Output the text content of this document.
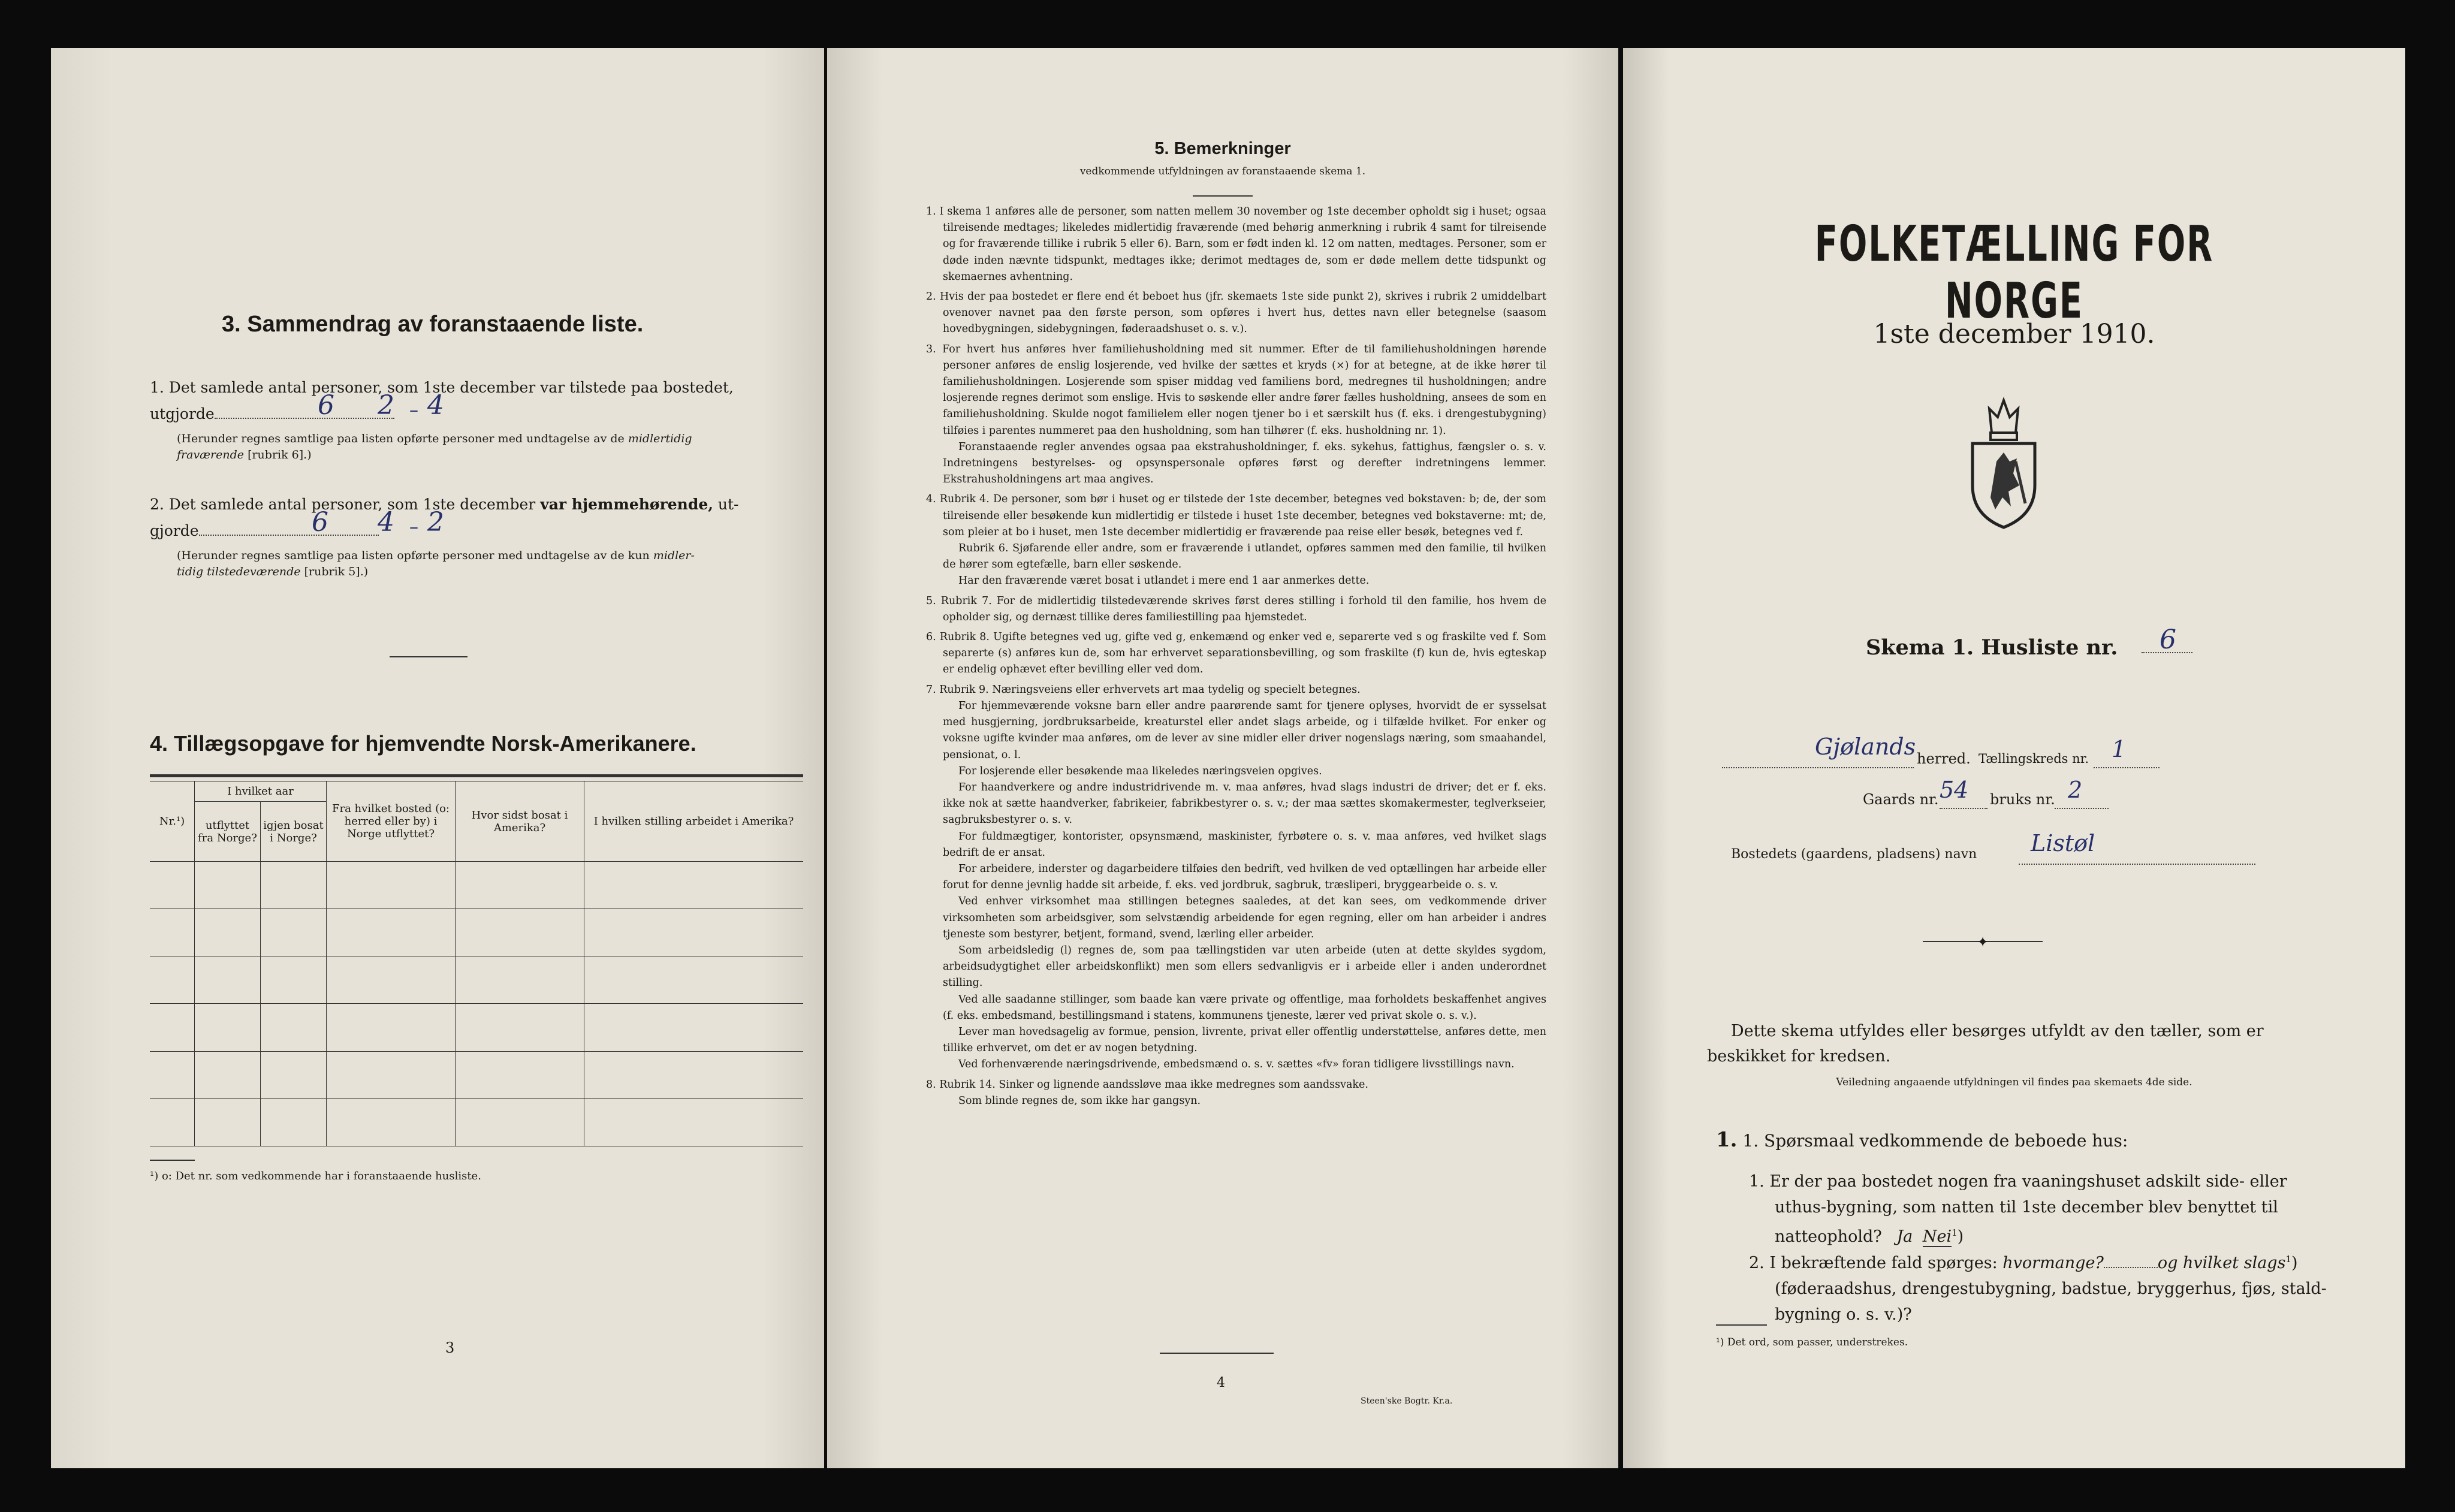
3. Sammendrag av foranstaaende liste.
1. Det samlede antal personer, som 1ste december var tilstede paa bostedet,
utgjorde	6 2 – 4
(Herunder regnes samtlige paa listen opførte personer med undtagelse av de midlertidig
fraværende [rubrik 6].)
2. Det samlede antal personer, som 1ste december var hjemmehørende, ut-
gjorde	6 4 – 2
(Herunder regnes samtlige paa listen opførte personer med undtagelse av de kun midler-
tidig tilstedeværende [rubrik 5].)
4. Tillægsopgave for hjemvendte Norsk-Amerikanere.
Nr.¹)	I hvilket aar		Fra hvilket bosted (o: herred eller by) i Norge utflyttet?	Hvor sidst bosat i Amerika?	I hvilken stilling arbeidet i Amerika?
	utflyttet fra Norge?	igjen bosat i Norge?			

¹) o: Det nr. som vedkommende har i foranstaaende husliste.
3
5. Bemerkninger
vedkommende utfyldningen av foranstaaende skema 1.

1. I skema 1 anføres alle de personer, som natten mellem 30 november og 1ste december opholdt sig i huset; ogsaa tilreisende medtages; likeledes midlertidig fraværende (med behørig anmerkning i rubrik 4 samt for tilreisende og for fraværende tillike i rubrik 5 eller 6). Barn, som er født inden kl. 12 om natten, medtages. Personer, som er døde inden nævnte tidspunkt, medtages ikke; derimot medtages de, som er døde mellem dette tidspunkt og skemaernes avhentning.

2. Hvis der paa bostedet er flere end ét beboet hus (jfr. skemaets 1ste side punkt 2), skrives i rubrik 2 umiddelbart ovenover navnet paa den første person, som opføres i hvert hus, dettes navn eller betegnelse (saasom hovedbygningen, sidebygningen, føderaadshuset o. s. v.).

3. For hvert hus anføres hver familiehusholdning med sit nummer. Efter de til familiehusholdningen hørende personer anføres de enslig losjerende, ved hvilke der sættes et kryds (×) for at betegne, at de ikke hører til familiehusholdningen. Losjerende som spiser middag ved familiens bord, medregnes til husholdningen; andre losjerende regnes derimot som enslige. Hvis to søskende eller andre fører fælles husholdning, ansees de som en familiehusholdning. Skulde nogot familielem eller nogen tjener bo i et særskilt hus (f. eks. i drengestubygning) tilføies i parentes nummeret paa den husholdning, som han tilhører (f. eks. husholdning nr. 1).

Foranstaaende regler anvendes ogsaa paa ekstrahusholdninger, f. eks. sykehus, fattighus, fængsler o. s. v. Indretningens bestyrelses- og opsynspersonale opføres først og derefter indretningens lemmer. Ekstrahusholdningens art maa angives.

4. Rubrik 4. De personer, som bør i huset og er tilstede der 1ste december, betegnes ved bokstaven: b; de, der som tilreisende eller besøkende kun midlertidig er tilstede i huset 1ste december, betegnes ved bokstaverne: mt; de, som pleier at bo i huset, men 1ste december midlertidig er fraværende paa reise eller besøk, betegnes ved f.

Rubrik 6. Sjøfarende eller andre, som er fraværende i utlandet, opføres sammen med den familie, til hvilken de hører som egtefælle, barn eller søskende.

Har den fraværende været bosat i utlandet i mere end 1 aar anmerkes dette.

5. Rubrik 7. For de midlertidig tilstedeværende skrives først deres stilling i forhold til den familie, hos hvem de opholder sig, og dernæst tillike deres familiestilling paa hjemstedet.

6. Rubrik 8. Ugifte betegnes ved ug, gifte ved g, enkemænd og enker ved e, separerte ved s og fraskilte ved f. Som separerte (s) anføres kun de, som har erhvervet separationsbevilling, og som fraskilte (f) kun de, hvis egteskap er endelig ophævet efter bevilling eller ved dom.

7. Rubrik 9. Næringsveiens eller erhvervets art maa tydelig og specielt betegnes.

For hjemmeværende voksne barn eller andre paarørende samt for tjenere oplyses, hvorvidt de er sysselsat med husgjerning, jordbruksarbeide, kreaturstel eller andet slags arbeide, og i tilfælde hvilket. For enker og voksne ugifte kvinder maa anføres, om de lever av sine midler eller driver nogenslags næring, som smaahandel, pensionat, o. l.

For losjerende eller besøkende maa likeledes næringsveien opgives.

For haandverkere og andre industridrivende m. v. maa anføres, hvad slags industri de driver; det er f. eks. ikke nok at sætte haandverker, fabrikeier, fabrikbestyrer o. s. v.; der maa sættes skomakermester, teglverkseier, sagbruksbestyrer o. s. v.

For fuldmægtiger, kontorister, opsynsmænd, maskinister, fyrbøtere o. s. v. maa anføres, ved hvilket slags bedrift de er ansat.

For arbeidere, inderster og dagarbeidere tilføies den bedrift, ved hvilken de ved optællingen har arbeide eller forut for denne jevnlig hadde sit arbeide, f. eks. ved jordbruk, sagbruk, træsliperi, bryggearbeide o. s. v.

Ved enhver virksomhet maa stillingen betegnes saaledes, at det kan sees, om vedkommende driver virksomheten som arbeidsgiver, som selvstændig arbeidende for egen regning, eller om han arbeider i andres tjeneste som bestyrer, betjent, formand, svend, lærling eller arbeider.

Som arbeidsledig (l) regnes de, som paa tællingstiden var uten arbeide (uten at dette skyldes sygdom, arbeidsudygtighet eller arbeidskonflikt) men som ellers sedvanligvis er i arbeide eller i anden underordnet stilling.

Ved alle saadanne stillinger, som baade kan være private og offentlige, maa forholdets beskaffenhet angives (f. eks. embedsmand, bestillingsmand i statens, kommunens tjeneste, lærer ved privat skole o. s. v.).

Lever man hovedsagelig av formue, pension, livrente, privat eller offentlig understøttelse, anføres dette, men tillike erhvervet, om det er av nogen betydning.

Ved forhenværende næringsdrivende, embedsmænd o. s. v. sættes «fv» foran tidligere livsstillings navn.

8. Rubrik 14. Sinker og lignende aandssløve maa ikke medregnes som aandssvake.

Som blinde regnes de, som ikke har gangsyn.

4
Steen'ske Bogtr. Kr.a.
FOLKETÆLLING FOR NORGE
1ste december 1910.
Skema 1. Husliste nr. 6
Gjølands herred. Tællingskreds nr. 1
Gaards nr. 54 bruks nr. 2
Bostedets (gaardens, pladsens) navn Listøl
✦
Dette skema utfyldes eller besørges utfyldt av den tæller, som er
beskikket for kredsen.
Veiledning angaaende utfyldningen vil findes paa skemaets 4de side.
1. 1. Spørsmaal vedkommende de beboede hus:
1. Er der paa bostedet nogen fra vaaningshuset adskilt side- eller
uthus-bygning, som natten til 1ste december blev benyttet til
natteophold? Ja Nei$^1$)
2. I bekræftende fald spørges: hvormange?	og hvilket slags$^1$)
(føderaadshus, drengestubygning, badstue, bryggerhus, fjøs, stald-
bygning o. s. v.)?
¹) Det ord, som passer, understrekes.
